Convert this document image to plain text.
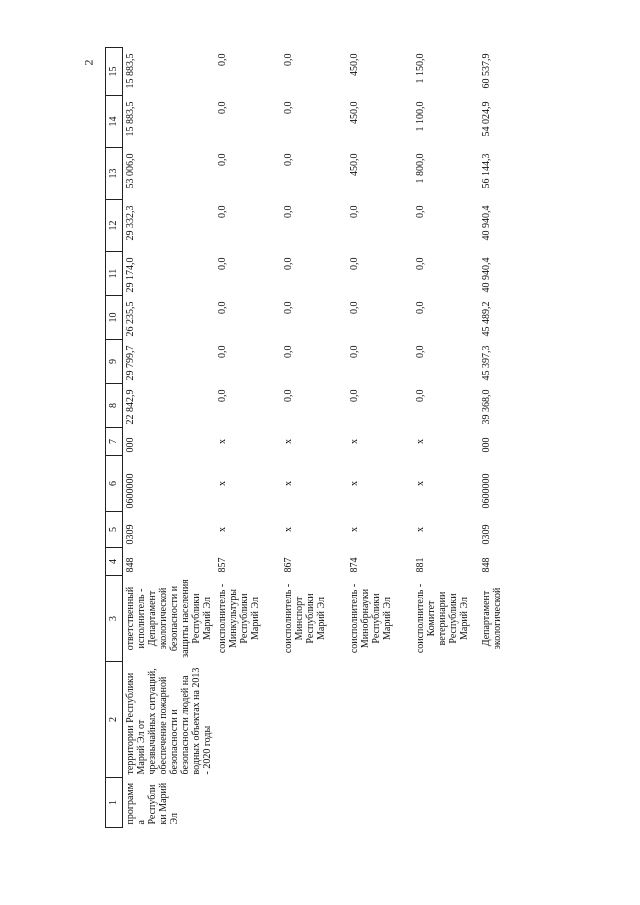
2
1	2	3	4	5	6	7	8	9	10	11	12	13	14	15
программа Республики Марий Эл	территории Республики Марий Эл от чрезвычайных ситуаций, обеспечение пожарной безопасности и безопасности людей на водных объектах на 2013 - 2020 годы	ответственный исполнитель - Департамент экологической безопасности и защиты населения Республики Марий Эл	848	0309	0600000	000	22 842,9	29 799,7	26 235,5	29 174,0	29 332,3	53 006,0	15 883,5	15 883,5
		соисполнитель - Минкультуры Республики Марий Эл	857	х	х	х	0,0	0,0	0,0	0,0	0,0	0,0	0,0	0,0
		соисполнитель - Минспорт Республики Марий Эл	867	х	х	х	0,0	0,0	0,0	0,0	0,0	0,0	0,0	0,0
		соисполнитель - Минобрнауки Республики Марий Эл	874	х	х	х	0,0	0,0	0,0	0,0	0,0	450,0	450,0	450,0
		соисполнитель - Комитет ветеринарии Республики Марий Эл	881	х	х	х	0,0	0,0	0,0	0,0	0,0	1 800,0	1 100,0	1 150,0
		Департамент экологической	848	0309	0600000	000	39 368,0	45 397,3	45 489,2	40 940,4	40 940,4	56 144,3	54 024,9	60 537,9
